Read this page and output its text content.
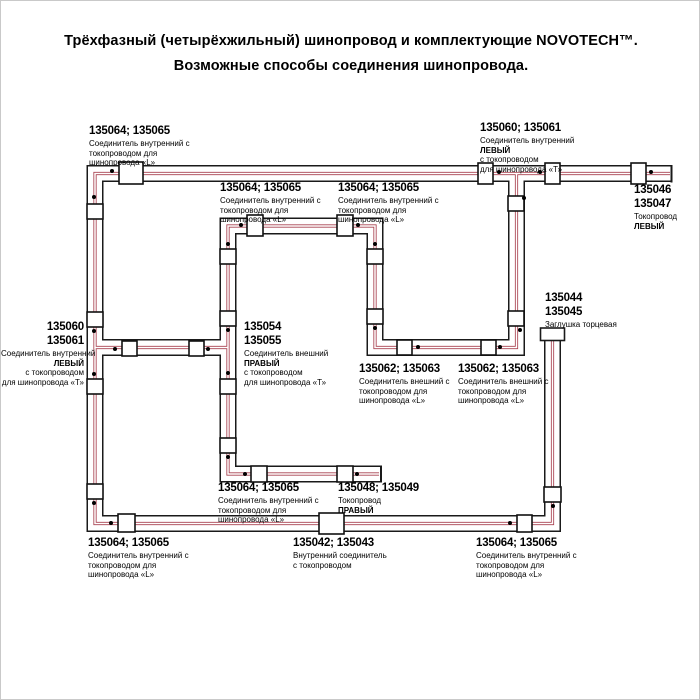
Трёхфазный (четырёхжильный) шинопровод и комплектующие NOVOTECH™.
Возможные способы соединения шинопровода.
135064; 135065
Соединитель внутренний с
токопроводом для
шинопровода «L»
135064; 135065
Соединитель внутренний с
токопроводом для
шинопровода «L»
135064; 135065
Соединитель внутренний с
токопроводом для
шинопровода «L»
135060; 135061
Соединитель внутренний
ЛЕВЫЙ
с токопроводом
для шинопровода «Т»
135046
135047
Токопровод
ЛЕВЫЙ
135044
135045
Заглушка торцевая
135060
135061
Соединитель внутренний
ЛЕВЫЙ
с токопроводом
для шинопровода «Т»
135054
135055
Соединитель внешний
ПРАВЫЙ
с токопроводом
для шинопровода «Т»
135062; 135063
Соединитель внешний с
токопроводом для
шинопровода «L»
135062; 135063
Соединитель внешний с
токопроводом для
шинопровода «L»
135064; 135065
Соединитель внутренний с
токопроводом для
шинопровода «L»
135048; 135049
Токопровод
ПРАВЫЙ
135064; 135065
Соединитель внутренний с
токопроводом для
шинопровода «L»
135042; 135043
Внутренний соединитель
с токопроводом
135064; 135065
Соединитель внутренний с
токопроводом для
шинопровода «L»
